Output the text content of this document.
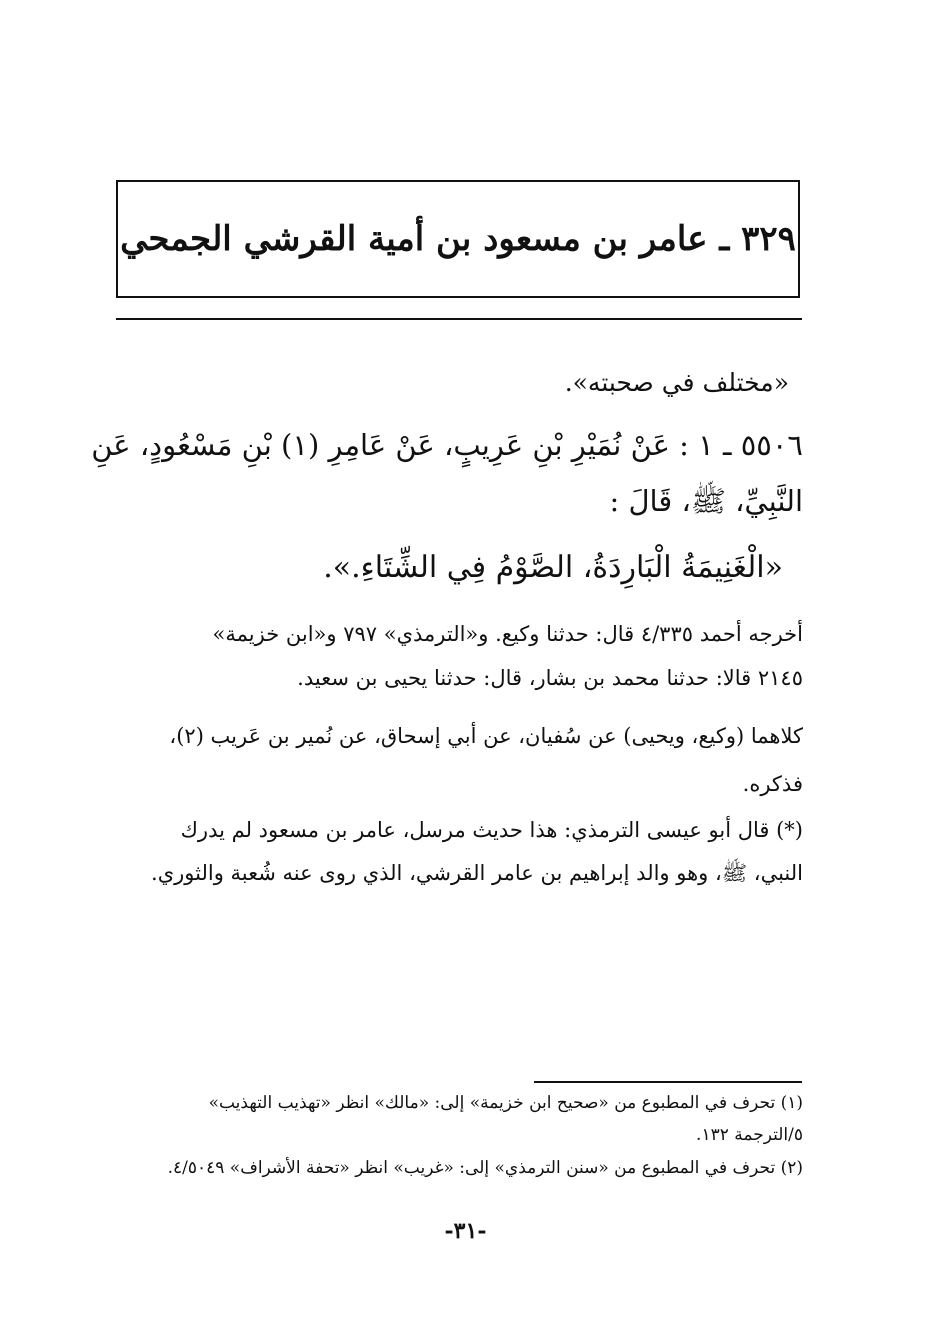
٣٢٩ ـ عامر بن مسعود بن أمية القرشي الجمحي
«مختلف في صحبته».
٥٥٠٦ ـ ١ : عَنْ نُمَيْرِ بْنِ عَرِيبٍ، عَنْ عَامِرِ (١) بْنِ مَسْعُودٍ، عَنِ
النَّبِيِّ، ﷺ، قَالَ :
«الْغَنِيمَةُ الْبَارِدَةُ، الصَّوْمُ فِي الشِّتَاءِ.».
أخرجه أحمد ٤/٣٣٥ قال: حدثنا وكيع. و«الترمذي» ٧٩٧ و«ابن خزيمة»
٢١٤٥ قالا: حدثنا محمد بن بشار، قال: حدثنا يحيى بن سعيد.
كلاهما (وكيع، ويحيى) عن سُفيان، عن أبي إسحاق، عن نُمير بن عَريب (٢)،
فذكره.
(*) قال أبو عيسى الترمذي: هذا حديث مرسل، عامر بن مسعود لم يدرك
النبي، ﷺ، وهو والد إبراهيم بن عامر القرشي، الذي روى عنه شُعبة والثوري.
(١) تحرف في المطبوع من «صحيح ابن خزيمة» إلى: «مالك» انظر «تهذيب التهذيب»
٥/الترجمة ١٣٢.
(٢) تحرف في المطبوع من «سنن الترمذي» إلى: «غريب» انظر «تحفة الأشراف» ٤/٥٠٤٩.
-٣١-
